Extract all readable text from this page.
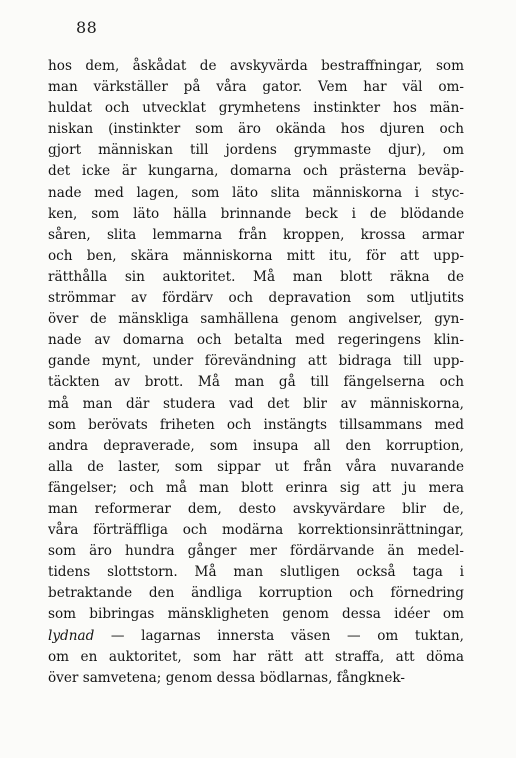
88
hos dem, åskådat de avskyvärda bestraffningar, som
man värkställer på våra gator. Vem har väl om-
huldat och utvecklat grymhetens instinkter hos män-
niskan (instinkter som äro okända hos djuren och
gjort människan till jordens grymmaste djur), om
det icke är kungarna, domarna och prästerna beväp-
nade med lagen, som läto slita människorna i styc-
ken, som läto hälla brinnande beck i de blödande
såren, slita lemmarna från kroppen, krossa armar
och ben, skära människorna mitt itu, för att upp-
rätthålla sin auktoritet. Må man blott räkna de
strömmar av fördärv och depravation som utljutits
över de mänskliga samhällena genom angivelser, gyn-
nade av domarna och betalta med regeringens klin-
gande mynt, under förevändning att bidraga till upp-
täckten av brott. Må man gå till fängelserna och
må man där studera vad det blir av människorna,
som berövats friheten och instängts tillsammans med
andra depraverade, som insupa all den korruption,
alla de laster, som sippar ut från våra nuvarande
fängelser; och må man blott erinra sig att ju mera
man reformerar dem, desto avskyvärdare blir de,
våra förträffliga och modärna korrektionsinrättningar,
som äro hundra gånger mer fördärvande än medel-
tidens slottstorn. Må man slutligen också taga i
betraktande den ändliga korruption och förnedring
som bibringas mänskligheten genom dessa idéer om
lydnad — lagarnas innersta väsen — om tuktan,
om en auktoritet, som har rätt att straffa, att döma
över samvetena; genom dessa bödlarnas, fångknek-
